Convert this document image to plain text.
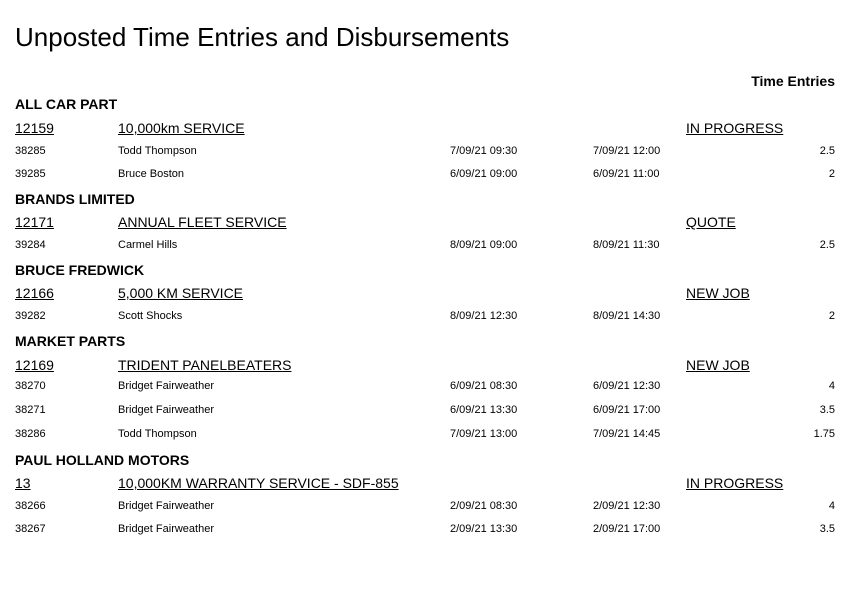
Unposted Time Entries and Disbursements
Time Entries
ALL CAR PART
12159	10,000km SERVICE	IN PROGRESS
38285	Todd Thompson	7/09/21 09:30	7/09/21 12:00	2.5
39285	Bruce Boston	6/09/21 09:00	6/09/21 11:00	2
BRANDS LIMITED
12171	ANNUAL FLEET SERVICE	QUOTE
39284	Carmel Hills	8/09/21 09:00	8/09/21 11:30	2.5
BRUCE FREDWICK
12166	5,000 KM SERVICE	NEW JOB
39282	Scott Shocks	8/09/21 12:30	8/09/21 14:30	2
MARKET PARTS
12169	TRIDENT PANELBEATERS	NEW JOB
38270	Bridget Fairweather	6/09/21 08:30	6/09/21 12:30	4
38271	Bridget Fairweather	6/09/21 13:30	6/09/21 17:00	3.5
38286	Todd Thompson	7/09/21 13:00	7/09/21 14:45	1.75
PAUL HOLLAND MOTORS
13	10,000KM WARRANTY SERVICE - SDF-855	IN PROGRESS
38266	Bridget Fairweather	2/09/21 08:30	2/09/21 12:30	4
38267	Bridget Fairweather	2/09/21 13:30	2/09/21 17:00	3.5
